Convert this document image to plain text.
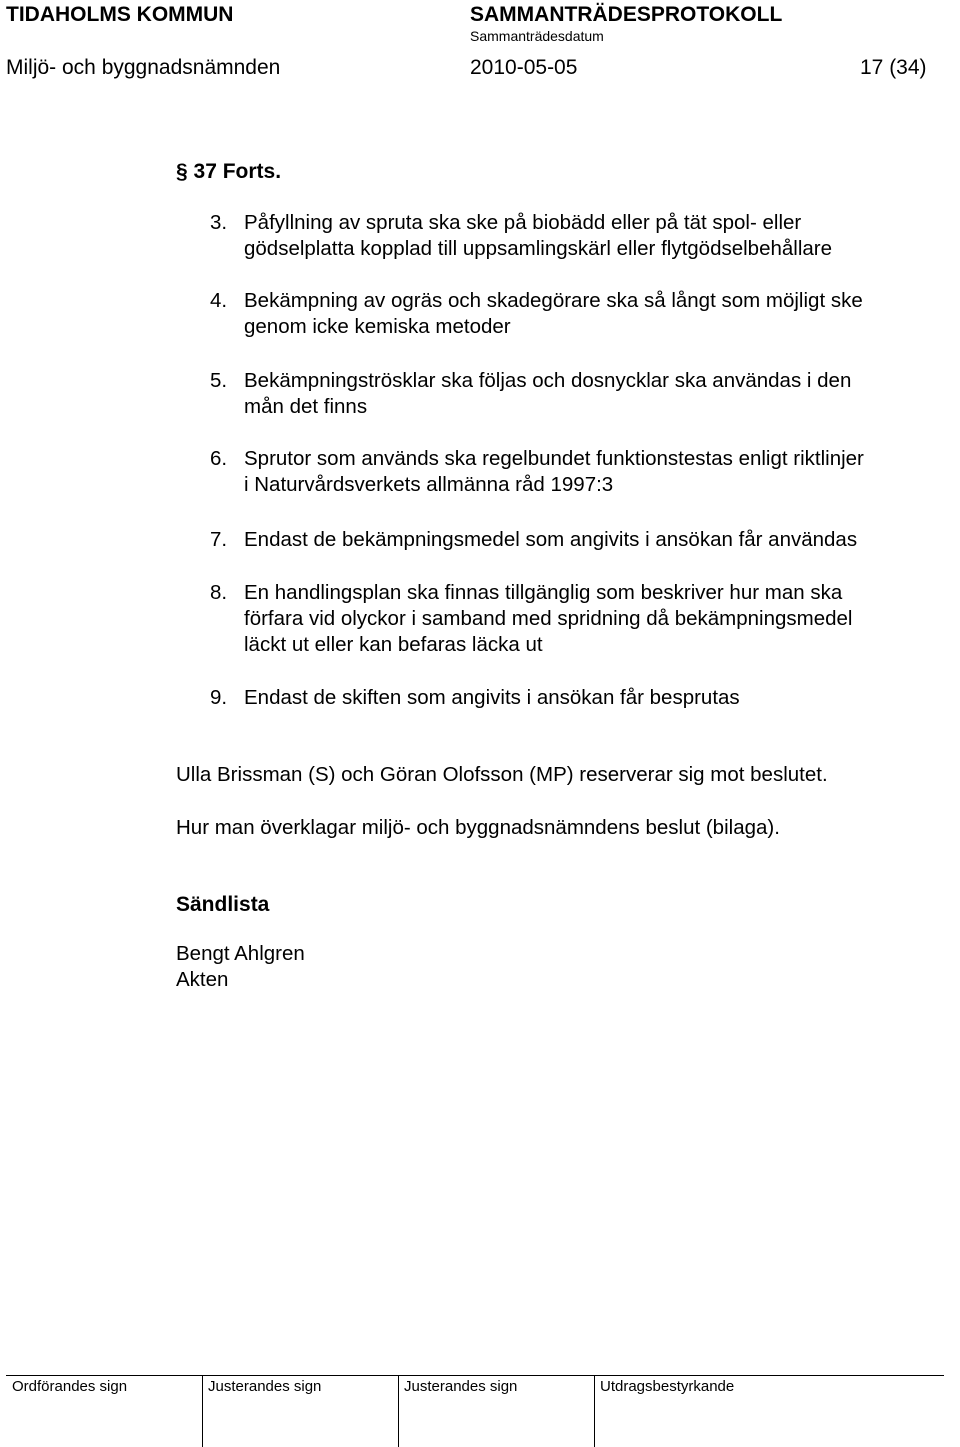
TIDAHOLMS KOMMUN	SAMMANTRÄDESPROTOKOLL
Sammanträdesdatum
Miljö- och byggnadsnämnden	2010-05-05	17 (34)
§ 37 Forts.
3. Påfyllning av spruta ska ske på biobädd eller på tät spol- eller
gödselplatta kopplad till uppsamlingskärl eller flytgödselbehållare
4. Bekämpning av ogräs och skadegörare ska så långt som möjligt ske
genom icke kemiska metoder
5. Bekämpningströsklar ska följas och dosnycklar ska användas i den
mån det finns
6. Sprutor som används ska regelbundet funktionstestas enligt riktlinjer
i Naturvårdsverkets allmänna råd 1997:3
7. Endast de bekämpningsmedel som angivits i ansökan får användas
8. En handlingsplan ska finnas tillgänglig som beskriver hur man ska
förfara vid olyckor i samband med spridning då bekämpningsmedel
läckt ut eller kan befaras läcka ut
9. Endast de skiften som angivits i ansökan får besprutas
Ulla Brissman (S) och Göran Olofsson (MP) reserverar sig mot beslutet.
Hur man överklagar miljö- och byggnadsnämndens beslut (bilaga).
Sändlista
Bengt Ahlgren
Akten
Ordförandes sign	Justerandes sign	Justerandes sign	Utdragsbestyrkande
